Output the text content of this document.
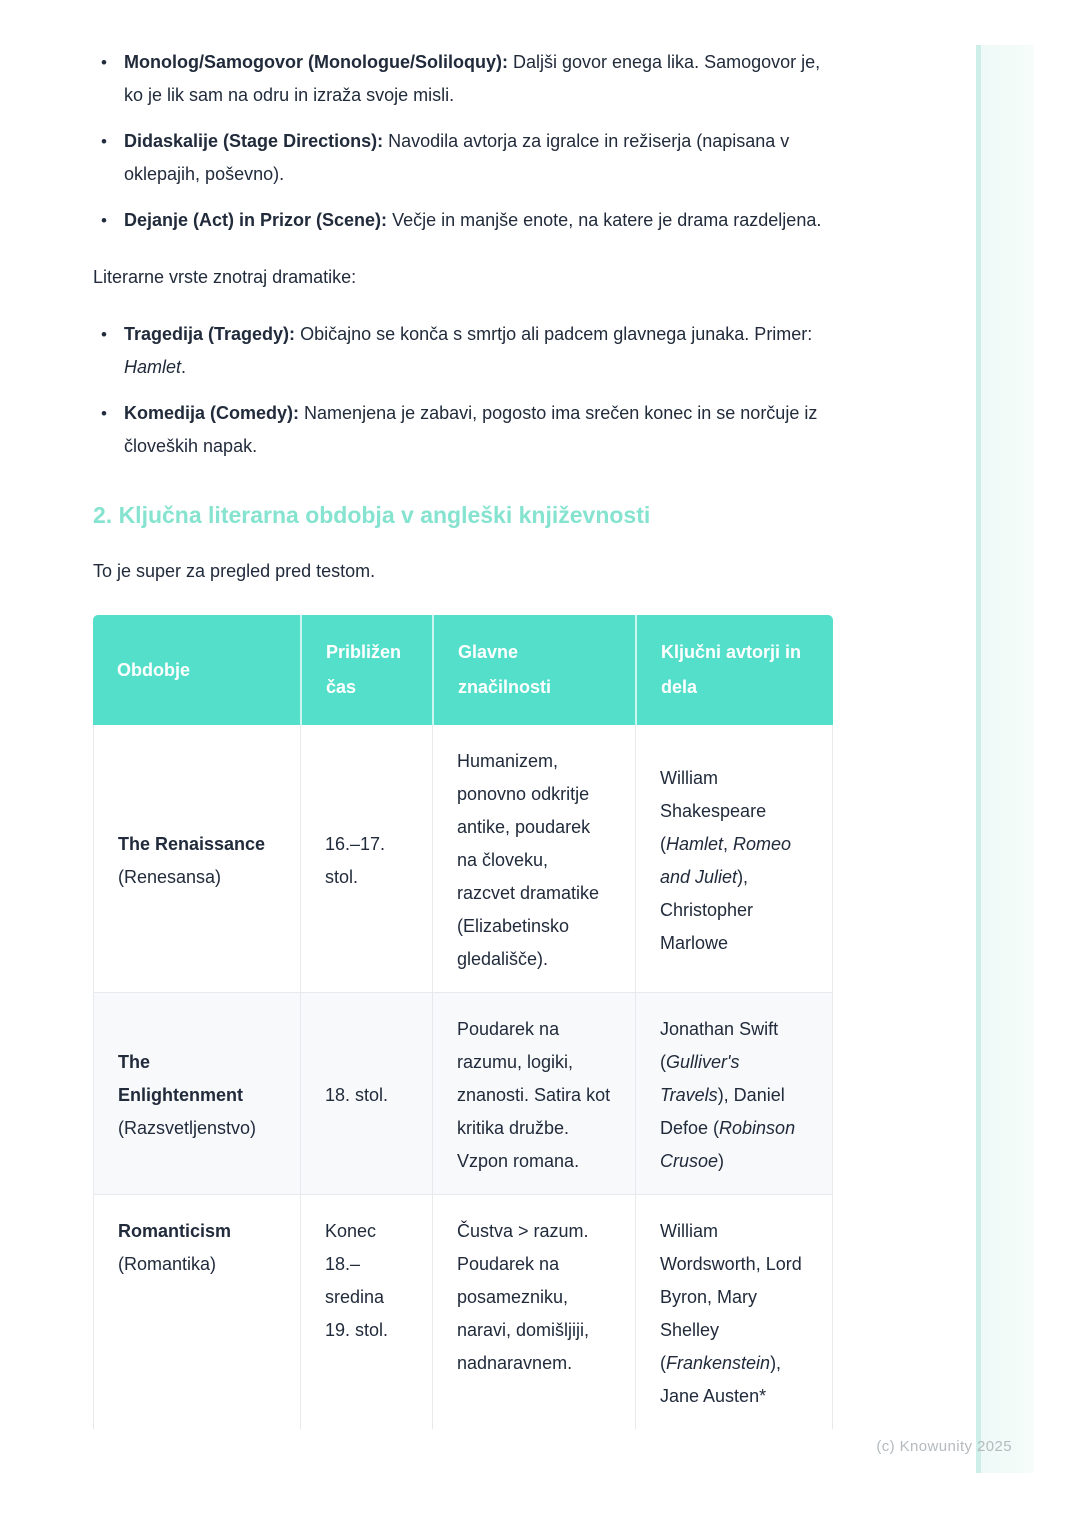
• Monolog/Samogovor (Monologue/Soliloquy): Daljši govor enega lika. Samogovor je, ko je lik sam na odru in izraža svoje misli.
• Didaskalije (Stage Directions): Navodila avtorja za igralce in režiserja (napisana v oklepajih, poševno).
• Dejanje (Act) in Prizor (Scene): Večje in manjše enote, na katere je drama razdeljena.

Literarne vrste znotraj dramatike:

• Tragedija (Tragedy): Običajno se konča s smrtjo ali padcem glavnega junaka. Primer: Hamlet.
• Komedija (Comedy): Namenjena je zabavi, pogosto ima srečen konec in se norčuje iz človeških napak.
2. Ključna literarna obdobja v angleški književnosti

To je super za pregled pred testom.

Obdobje	Približen čas	Glavne značilnosti	Ključni avtorji in dela

The Renaissance
(Renesansa)	16.–17. stol.	Humanizem, ponovno odkritje antike, poudarek na človeku, razcvet dramatike (Elizabetinsko gledališče).	William Shakespeare (Hamlet, Romeo and Juliet), Christopher Marlowe

The Enlightenment
(Razsvetljenstvo)	18. stol.	Poudarek na razumu, logiki, znanosti. Satira kot kritika družbe. Vzpon romana.	Jonathan Swift (Gulliver's Travels), Daniel Defoe (Robinson Crusoe)

Romanticism
(Romantika)	Konec 18.– sredina 19. stol.	Čustva > razum. Poudarek na posamezniku, naravi, domišljiji, nadnaravnem.	William Wordsworth, Lord Byron, Mary Shelley (Frankenstein), Jane Austen*
(c) Knowunity 2025
